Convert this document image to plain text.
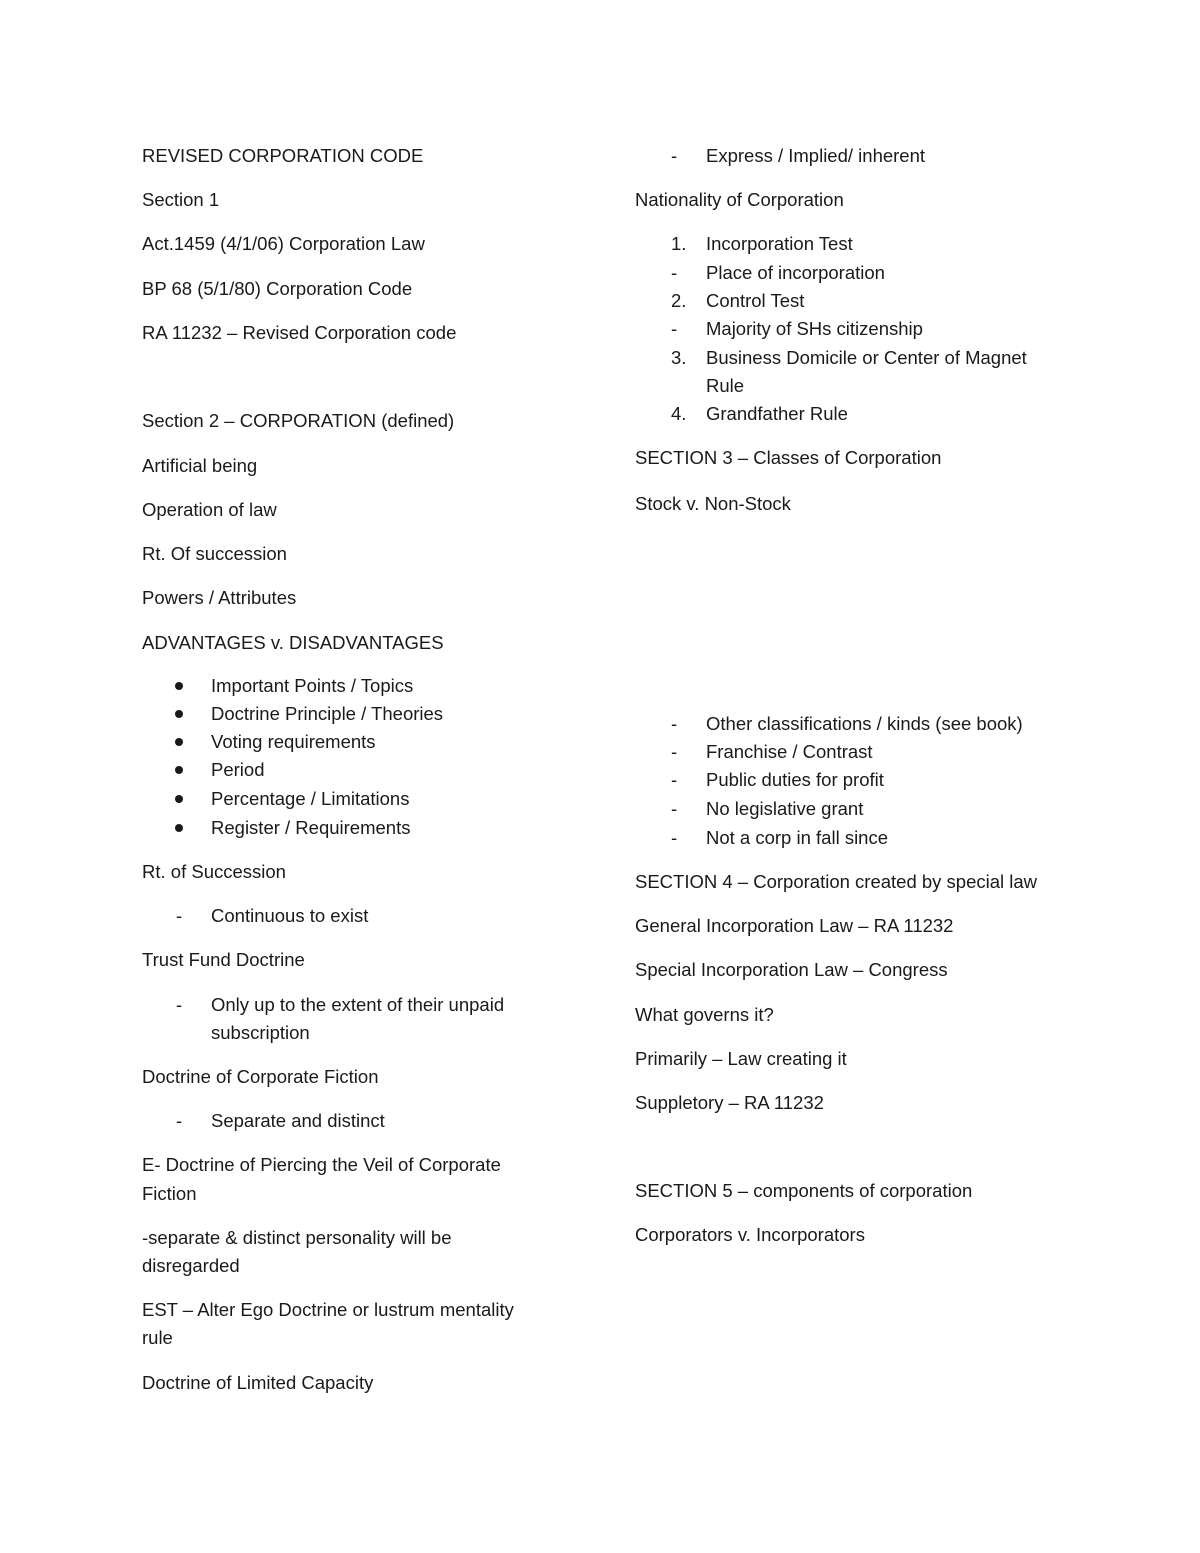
REVISED CORPORATION CODE
Section 1
Act.1459 (4/1/06) Corporation Law
BP 68 (5/1/80) Corporation Code
RA 11232 – Revised Corporation code
Section 2 – CORPORATION (defined)
Artificial being
Operation of law
Rt. Of succession
Powers / Attributes
ADVANTAGES v. DISADVANTAGES
Important Points / Topics
Doctrine Principle / Theories
Voting requirements
Period
Percentage / Limitations
Register / Requirements
Rt. of Succession
- Continuous to exist
Trust Fund Doctrine
- Only up to the extent of their unpaid
subscription
Doctrine of Corporate Fiction
- Separate and distinct
E- Doctrine of Piercing the Veil of Corporate
Fiction
-separate & distinct personality will be
disregarded
EST – Alter Ego Doctrine or lustrum mentality
rule
Doctrine of Limited Capacity
- Express / Implied/ inherent
Nationality of Corporation
1. Incorporation Test
- Place of incorporation
2. Control Test
- Majority of SHs citizenship
3. Business Domicile or Center of Magnet
Rule
4. Grandfather Rule
SECTION 3 – Classes of Corporation
Stock v. Non-Stock
- Other classifications / kinds (see book)
- Franchise / Contrast
- Public duties for profit
- No legislative grant
- Not a corp in fall since
SECTION 4 – Corporation created by special law
General Incorporation Law – RA 11232
Special Incorporation Law – Congress
What governs it?
Primarily – Law creating it
Suppletory – RA 11232
SECTION 5 – components of corporation
Corporators v. Incorporators
